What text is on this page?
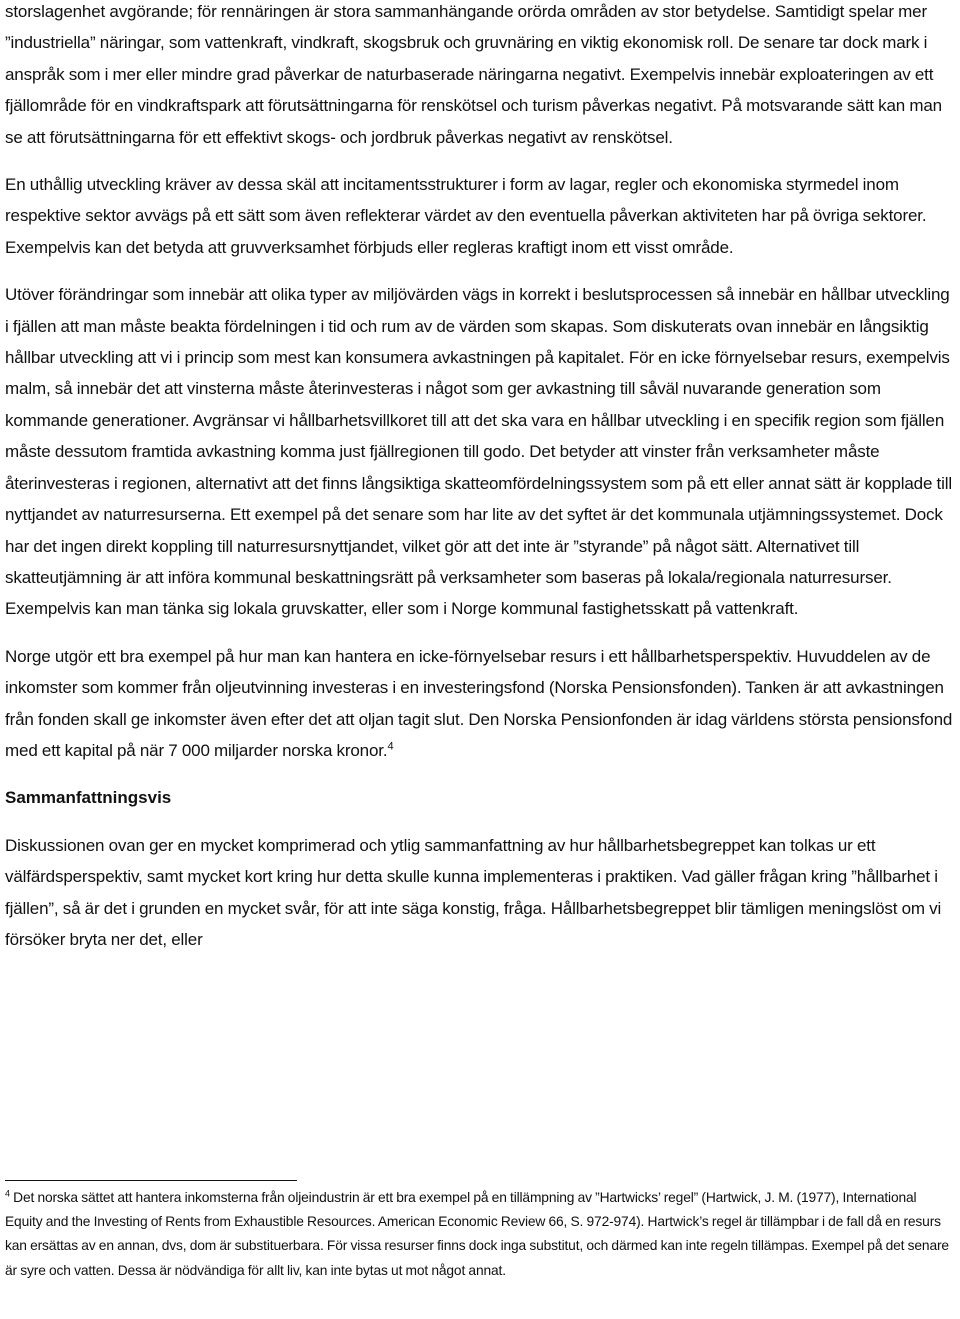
storslagenhet avgörande; för rennäringen är stora sammanhängande orörda områden av stor betydelse. Samtidigt spelar mer ”industriella” näringar, som vattenkraft, vindkraft, skogsbruk och gruvnäring en viktig ekonomisk roll. De senare tar dock mark i anspråk som i mer eller mindre grad påverkar de naturbaserade näringarna negativt. Exempelvis innebär exploateringen av ett fjällområde för en vindkraftspark att förutsättningarna för renskötsel och turism påverkas negativt. På motsvarande sätt kan man se att förutsättningarna för ett effektivt skogs- och jordbruk påverkas negativt av renskötsel.

En uthållig utveckling kräver av dessa skäl att incitamentsstrukturer i form av lagar, regler och ekonomiska styrmedel inom respektive sektor avvägs på ett sätt som även reflekterar värdet av den eventuella påverkan aktiviteten har på övriga sektorer. Exempelvis kan det betyda att gruvverksamhet förbjuds eller regleras kraftigt inom ett visst område.

Utöver förändringar som innebär att olika typer av miljövärden vägs in korrekt i beslutsprocessen så innebär en hållbar utveckling i fjällen att man måste beakta fördelningen i tid och rum av de värden som skapas. Som diskuterats ovan innebär en långsiktig hållbar utveckling att vi i princip som mest kan konsumera avkastningen på kapitalet. För en icke förnyelsebar resurs, exempelvis malm, så innebär det att vinsterna måste återinvesteras i något som ger avkastning till såväl nuvarande generation som kommande generationer. Avgränsar vi hållbarhetsvillkoret till att det ska vara en hållbar utveckling i en specifik region som fjällen måste dessutom framtida avkastning komma just fjällregionen till godo. Det betyder att vinster från verksamheter måste återinvesteras i regionen, alternativt att det finns långsiktiga skatteomfördelningssystem som på ett eller annat sätt är kopplade till nyttjandet av naturresurserna. Ett exempel på det senare som har lite av det syftet är det kommunala utjämningssystemet. Dock har det ingen direkt koppling till naturresursnyttjandet, vilket gör att det inte är ”styrande” på något sätt. Alternativet till skatteutjämning är att införa kommunal beskattningsrätt på verksamheter som baseras på lokala/regionala naturresurser. Exempelvis kan man tänka sig lokala gruvskatter, eller som i Norge kommunal fastighetsskatt på vattenkraft.

Norge utgör ett bra exempel på hur man kan hantera en icke-förnyelsebar resurs i ett hållbarhetsperspektiv. Huvuddelen av de inkomster som kommer från oljeutvinning investeras i en investeringsfond (Norska Pensionsfonden). Tanken är att avkastningen från fonden skall ge inkomster även efter det att oljan tagit slut. Den Norska Pensionfonden är idag världens största pensionsfond med ett kapital på när 7 000 miljarder norska kronor.$^4$

Sammanfattningsvis

Diskussionen ovan ger en mycket komprimerad och ytlig sammanfattning av hur hållbarhetsbegreppet kan tolkas ur ett välfärdsperspektiv, samt mycket kort kring hur detta skulle kunna implementeras i praktiken. Vad gäller frågan kring ”hållbarhet i fjällen”, så är det i grunden en mycket svår, för att inte säga konstig, fråga. Hållbarhetsbegreppet blir tämligen meningslöst om vi försöker bryta ner det, eller

$^4$ Det norska sättet att hantera inkomsterna från oljeindustrin är ett bra exempel på en tillämpning av ”Hartwicks’ regel” (Hartwick, J. M. (1977), International Equity and the Investing of Rents from Exhaustible Resources. American Economic Review 66, S. 972-974). Hartwick’s regel är tillämpbar i de fall då en resurs kan ersättas av en annan, dvs, dom är substituerbara. För vissa resurser finns dock inga substitut, och därmed kan inte regeln tillämpas. Exempel på det senare är syre och vatten. Dessa är nödvändiga för allt liv, kan inte bytas ut mot något annat.
